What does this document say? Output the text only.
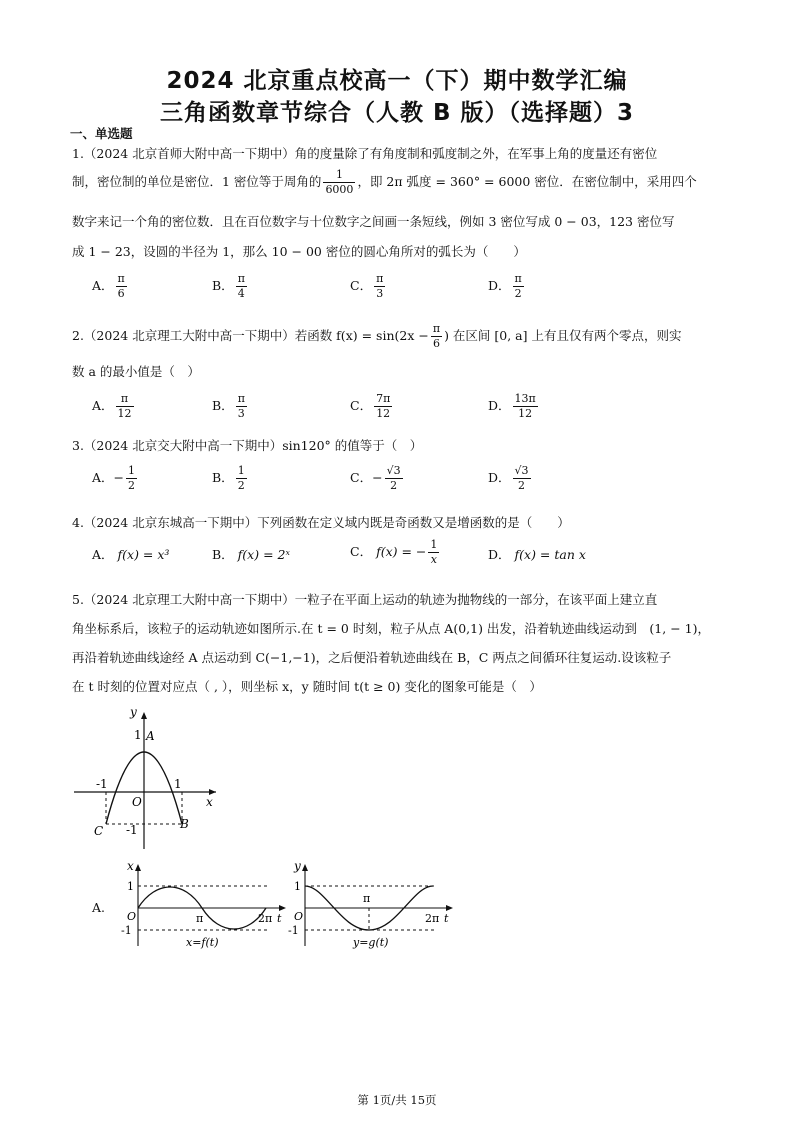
2024 北京重点校高一（下）期中数学汇编
三角函数章节综合（人教 B 版）（选择题）3
一、单选题
1.（2024 北京首师大附中高一下期中）角的度量除了有角度制和弧度制之外，在军事上角的度量还有密位
制，密位制的单位是密位．1 密位等于周角的 $\frac{1}{6000}$ ，即 2π 弧度 = 360° = 6000 密位．在密位制中，采用四个
数字来记一个角的密位数．且在百位数字与十位数字之间画一条短线，例如 3 密位写成 0 − 03，123 密位写
成 1 − 23，设圆的半径为 1，那么 10 − 00 密位的圆心角所对的弧长为（　　）
A． $\frac{\pi}{6}$	B． $\frac{\pi}{4}$	C． $\frac{\pi}{3}$	D． $\frac{\pi}{2}$
2.（2024 北京理工大附中高一下期中）若函数 $f(x) = \sin(2x - \frac{\pi}{6}$ ) 在区间 [0, a] 上有且仅有两个零点，则实
数 a 的最小值是（　）
A． $\frac{\pi}{12}$	B． $\frac{\pi}{3}$	C． $\frac{7\pi}{12}$	D． $\frac{13\pi}{12}$
3.（2024 北京交大附中高一下期中）sin120° 的值等于（　）
A．− $\frac{1}{2}$	B． $\frac{1}{2}$	C．− $\frac{√3}{2}$	D． $\frac{√3}{2}$
4.（2024 北京东城高一下期中）下列函数在定义域内既是奇函数又是增函数的是（　　）
A． f(x) = x³	B． f(x) = 2ˣ	C． f(x) = − $\frac{1}{x}$	D． f(x) = tan x
5.（2024 北京理工大附中高一下期中）一粒子在平面上运动的轨迹为抛物线的一部分，在该平面上建立直
角坐标系后，该粒子的运动轨迹如图所示.在 t = 0 时刻，粒子从点 A(0,1) 出发，沿着轨迹曲线运动到　(1, − 1)，
再沿着轨迹曲线途经 A 点运动到 C(−1,−1)，之后便沿着轨迹曲线在 B，C 两点之间循环往复运动.设该粒子
在 t 时刻的位置对应点（ , ），则坐标 x，y 随时间 t(t ≥ 0) 变化的图象可能是（　）
y
x
A
1
-1	1
O
-1
C	B
A.
x
1
O
-1
π	2π t
x=f(t)
y
1
O
-1
π
2π t
y=g(t)
第 1页/共 15页
